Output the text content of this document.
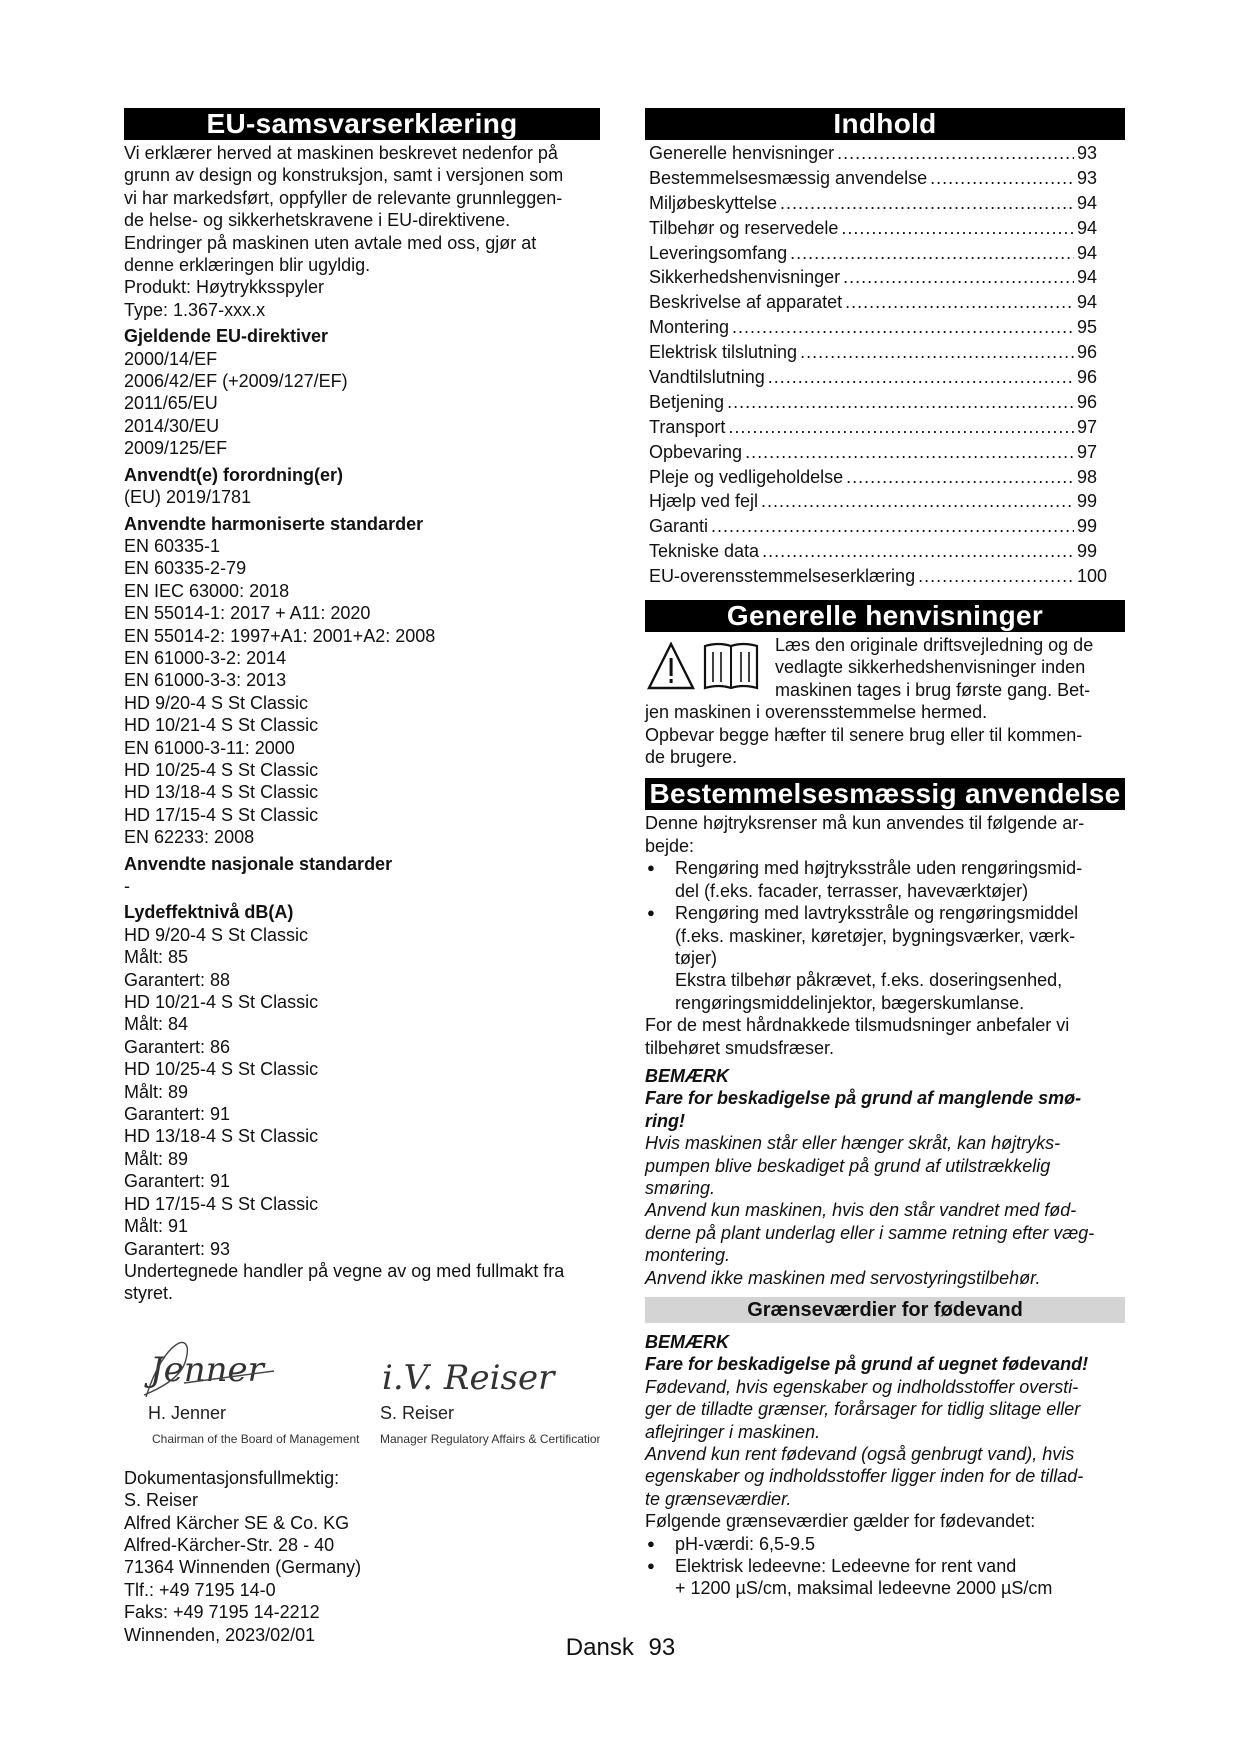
EU-samsvarserklæring

Vi erklærer herved at maskinen beskrevet nedenfor på

grunn av design og konstruksjon, samt i versjonen som

vi har markedsført, oppfyller de relevante grunnleggen-

de helse- og sikkerhetskravene i EU-direktivene.

Endringer på maskinen uten avtale med oss, gjør at

denne erklæringen blir ugyldig.

Produkt: Høytrykksspyler

Type: 1.367-xxx.x

Gjeldende EU-direktiver

2000/14/EF

2006/42/EF (+2009/127/EF)

2011/65/EU

2014/30/EU

2009/125/EF

Anvendt(e) forordning(er)

(EU) 2019/1781

Anvendte harmoniserte standarder

EN 60335-1

EN 60335-2-79

EN IEC 63000: 2018

EN 55014-1: 2017 + A11: 2020

EN 55014-2: 1997+A1: 2001+A2: 2008

EN 61000-3-2: 2014

EN 61000-3-3: 2013

HD 9/20-4 S St Classic

HD 10/21-4 S St Classic

EN 61000-3-11: 2000

HD 10/25-4 S St Classic

HD 13/18-4 S St Classic

HD 17/15-4 S St Classic

EN 62233: 2008

Anvendte nasjonale standarder

-

Lydeffektnivå dB(A)

HD 9/20-4 S St Classic

Målt: 85

Garantert: 88

HD 10/21-4 S St Classic

Målt: 84

Garantert: 86

HD 10/25-4 S St Classic

Målt: 89

Garantert: 91

HD 13/18-4 S St Classic

Målt: 89

Garantert: 91

HD 17/15-4 S St Classic

Målt: 91

Garantert: 93

Undertegnede handler på vegne av og med fullmakt fra

styret.

Jenner
H. Jenner
Chairman of the Board of Management
i.V. Reiser
S. Reiser
Manager Regulatory Affairs & Certification

Dokumentasjonsfullmektig:

S. Reiser

Alfred Kärcher SE & Co. KG

Alfred-Kärcher-Str. 28 - 40

71364 Winnenden (Germany)

Tlf.: +49 7195 14-0

Faks: +49 7195 14-2212

Winnenden, 2023/02/01

Indhold
Generelle henvisninger .....	93
Bestemmelsesmæssig anvendelse .....	93
Miljøbeskyttelse .....	94
Tilbehør og reservedele .....	94
Leveringsomfang .....	94
Sikkerhedshenvisninger .....	94
Beskrivelse af apparatet .....	94
Montering .....	95
Elektrisk tilslutning .....	96
Vandtilslutning .....	96
Betjening .....	96
Transport .....	97
Opbevaring .....	97
Pleje og vedligeholdelse .....	98
Hjælp ved fejl .....	99
Garanti .....	99
Tekniske data .....	99
EU-overensstemmelseserklæring .....	100
Generelle henvisninger

Læs den originale driftsvejledning og de

vedlagte sikkerhedshenvisninger inden

maskinen tages i brug første gang. Bet-

jen maskinen i overensstemmelse hermed.

Opbevar begge hæfter til senere brug eller til kommen-

de brugere.

Bestemmelsesmæssig anvendelse

Denne højtryksrenser må kun anvendes til følgende ar-

bejde:

● Rengøring med højtryksstråle uden rengøringsmid-

del (f.eks. facader, terrasser, haveværktøjer)

● Rengøring med lavtryksstråle og rengøringsmiddel

(f.eks. maskiner, køretøjer, bygningsværker, værk-

tøjer)

Ekstra tilbehør påkrævet, f.eks. doseringsenhed,

rengøringsmiddelinjektor, bægerskumlanse.

For de mest hårdnakkede tilsmudsninger anbefaler vi

tilbehøret smudsfræser.

BEMÆRK

Fare for beskadigelse på grund af manglende smø-

ring!

Hvis maskinen står eller hænger skråt, kan højtryks-

pumpen blive beskadiget på grund af utilstrækkelig

smøring.

Anvend kun maskinen, hvis den står vandret med fød-

derne på plant underlag eller i samme retning efter væg-

montering.

Anvend ikke maskinen med servostyringstilbehør.

Grænseværdier for fødevand

BEMÆRK

Fare for beskadigelse på grund af uegnet fødevand!

Fødevand, hvis egenskaber og indholdsstoffer oversti-

ger de tilladte grænser, forårsager for tidlig slitage eller

aflejringer i maskinen.

Anvend kun rent fødevand (også genbrugt vand), hvis

egenskaber og indholdsstoffer ligger inden for de tillad-

te grænseværdier.

Følgende grænseværdier gælder for fødevandet:

● pH-værdi: 6,5-9.5

● Elektrisk ledeevne: Ledeevne for rent vand

+ 1200 µS/cm, maksimal ledeevne 2000 µS/cm

Dansk 93
